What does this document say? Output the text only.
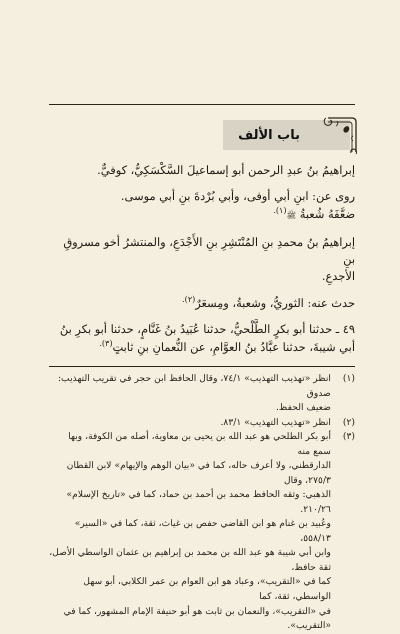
باب الألف

إبراهيمُ بنُ عبدِ الرحمن أبو إسماعيلَ السَّكْسَكِيُّ، كوفيٌّ.
روى عن: ابنِ أبي أوفى، وأبي بُرْدةَ بنِ أبي موسى.
ضعَّفَهُ شُعبةُ ﷺ$^{(١).}$

إبراهيمُ بنُ محمدِ بنِ المُنْتَشِرِ بنِ الأَجْدَعِ، والمنتشرُ أخو مسروقِ بنِ
الأجدعِ.
حدث عنه: الثوريُّ، وشعبةُ، ومِسعَرٌ$^{(٢).}$

٤٩ ـ حدثنا أبو بكرٍ الطَّلْحيُّ، حدثنا عُبَيدُ بنُ غَنَّامٍ، حدثنا أبو بكرِ بنُ
أبي شيبةَ، حدثنا عبَّادُ بنُ العوَّامِ، عن النُّعمانِ بنِ ثابتٍ$^{(٣).}$

(١)
انظر «تهذيب التهذيب» ٧٤/١، وقال الحافظ ابن حجر في تقريب التهذيب: صدوق
ضعيف الحفظ.
(٢)
انظر «تهذيب التهذيب» ٨٣/١.
(٣)
أبو بكر الطلحي هو عبد الله بن يحيى بن معاوية، أصله من الكوفة، وبها سمع منه
الدارقطني، ولا أعرف حاله، كما في «بيان الوهم والإيهام» لابن القطان ٢٧٥/٣، وقال
الذهبي: وثقه الحافظ محمد بن أحمد بن حماد، كما في «تاريخ الإسلام» ٢١٠/٢٦.
وعُبيد بن غنام هو ابن القاضي حفص بن غياث، ثقة، كما في «السير» ٥٥٨/١٣،
وابن أبي شيبة هو عبد الله بن محمد بن إبراهيم بن عثمان الواسطي الأصل، ثقة حافظ،
كما في «التقريب»، وعباد هو ابن العوام بن عمر الكلابي، أبو سهل الواسطي، ثقة، كما
في «التقريب»، والنعمان بن ثابت هو أبو حنيفة الإمام المشهور، كما في «التقريب».
